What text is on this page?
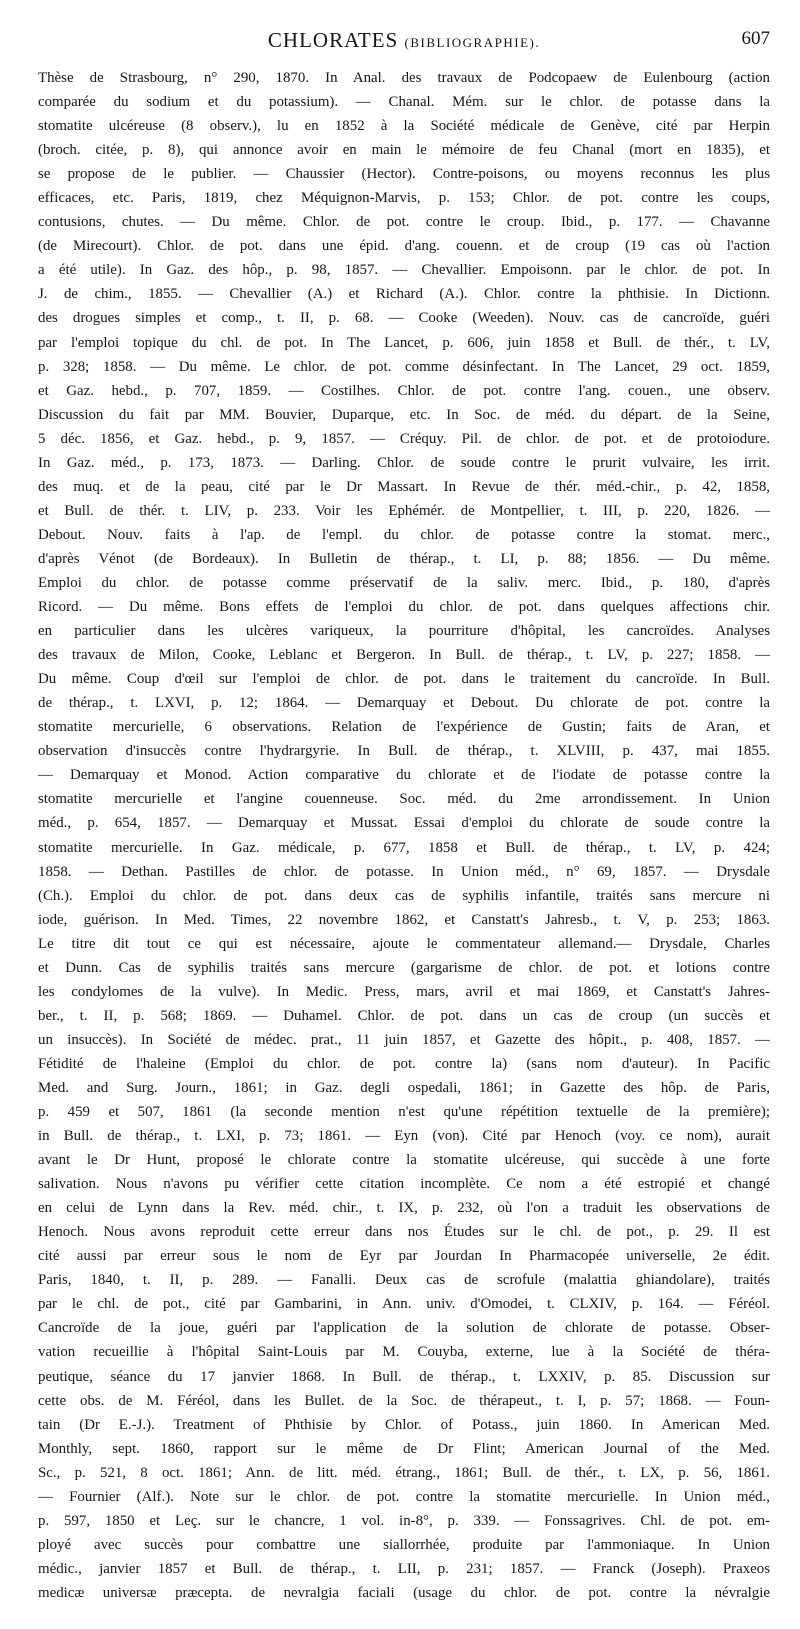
CHLORATES (BIBLIOGRAPHIE).	607
Thèse de Strasbourg, n° 290, 1870. In Anal. des travaux de Podcopaew de Eulenbourg (action
comparée du sodium et du potassium). — Chanal. Mém. sur le chlor. de potasse dans la
stomatite ulcéreuse (8 observ.), lu en 1852 à la Société médicale de Genève, cité par Herpin
(broch. citée, p. 8), qui annonce avoir en main le mémoire de feu Chanal (mort en 1835), et
se propose de le publier. — Chaussier (Hector). Contre-poisons, ou moyens reconnus les plus
efficaces, etc. Paris, 1819, chez Méquignon-Marvis, p. 153; Chlor. de pot. contre les coups,
contusions, chutes. — Du même. Chlor. de pot. contre le croup. Ibid., p. 177. — Chavanne
(de Mirecourt). Chlor. de pot. dans une épid. d'ang. couenn. et de croup (19 cas où l'action
a été utile). In Gaz. des hôp., p. 98, 1857. — Chevallier. Empoisonn. par le chlor. de pot. In
J. de chim., 1855. — Chevallier (A.) et Richard (A.). Chlor. contre la phthisie. In Dictionn.
des drogues simples et comp., t. II, p. 68. — Cooke (Weeden). Nouv. cas de cancroïde, guéri
par l'emploi topique du chl. de pot. In The Lancet, p. 606, juin 1858 et Bull. de thér., t. LV,
p. 328; 1858. — Du même. Le chlor. de pot. comme désinfectant. In The Lancet, 29 oct. 1859,
et Gaz. hebd., p. 707, 1859. — Costilhes. Chlor. de pot. contre l'ang. couen., une observ.
Discussion du fait par MM. Bouvier, Duparque, etc. In Soc. de méd. du départ. de la Seine,
5 déc. 1856, et Gaz. hebd., p. 9, 1857. — Créquy. Pil. de chlor. de pot. et de protoiodure.
In Gaz. méd., p. 173, 1873. — Darling. Chlor. de soude contre le prurit vulvaire, les irrit.
des muq. et de la peau, cité par le Dr Massart. In Revue de thér. méd.-chir., p. 42, 1858,
et Bull. de thér. t. LIV, p. 233. Voir les Ephémér. de Montpellier, t. III, p. 220, 1826. —
Debout. Nouv. faits à l'ap. de l'empl. du chlor. de potasse contre la stomat. merc.,
d'après Vénot (de Bordeaux). In Bulletin de thérap., t. LI, p. 88; 1856. — Du même.
Emploi du chlor. de potasse comme préservatif de la saliv. merc. Ibid., p. 180, d'après
Ricord. — Du même. Bons effets de l'emploi du chlor. de pot. dans quelques affections chir.
en particulier dans les ulcères variqueux, la pourriture d'hôpital, les cancroïdes. Analyses
des travaux de Milon, Cooke, Leblanc et Bergeron. In Bull. de thérap., t. LV, p. 227; 1858. —
Du même. Coup d'œil sur l'emploi de chlor. de pot. dans le traitement du cancroïde. In Bull.
de thérap., t. LXVI, p. 12; 1864. — Demarquay et Debout. Du chlorate de pot. contre la
stomatite mercurielle, 6 observations. Relation de l'expérience de Gustin; faits de Aran, et
observation d'insuccès contre l'hydrargyrie. In Bull. de thérap., t. XLVIII, p. 437, mai 1855.
— Demarquay et Monod. Action comparative du chlorate et de l'iodate de potasse contre la
stomatite mercurielle et l'angine couenneuse. Soc. méd. du 2me arrondissement. In Union
méd., p. 654, 1857. — Demarquay et Mussat. Essai d'emploi du chlorate de soude contre la
stomatite mercurielle. In Gaz. médicale, p. 677, 1858 et Bull. de thérap., t. LV, p. 424;
1858. — Dethan. Pastilles de chlor. de potasse. In Union méd., n° 69, 1857. — Drysdale
(Ch.). Emploi du chlor. de pot. dans deux cas de syphilis infantile, traités sans mercure ni
iode, guérison. In Med. Times, 22 novembre 1862, et Canstatt's Jahresb., t. V, p. 253; 1863.
Le titre dit tout ce qui est nécessaire, ajoute le commentateur allemand.— Drysdale, Charles
et Dunn. Cas de syphilis traités sans mercure (gargarisme de chlor. de pot. et lotions contre
les condylomes de la vulve). In Medic. Press, mars, avril et mai 1869, et Canstatt's Jahres-
ber., t. II, p. 568; 1869. — Duhamel. Chlor. de pot. dans un cas de croup (un succès et
un insuccès). In Société de médec. prat., 11 juin 1857, et Gazette des hôpit., p. 408, 1857. —
Fétidité de l'haleine (Emploi du chlor. de pot. contre la) (sans nom d'auteur). In Pacific
Med. and Surg. Journ., 1861; in Gaz. degli ospedali, 1861; in Gazette des hôp. de Paris,
p. 459 et 507, 1861 (la seconde mention n'est qu'une répétition textuelle de la première);
in Bull. de thérap., t. LXI, p. 73; 1861. — Eyn (von). Cité par Henoch (voy. ce nom), aurait
avant le Dr Hunt, proposé le chlorate contre la stomatite ulcéreuse, qui succède à une forte
salivation. Nous n'avons pu vérifier cette citation incomplète. Ce nom a été estropié et changé
en celui de Lynn dans la Rev. méd. chir., t. IX, p. 232, où l'on a traduit les observations de
Henoch. Nous avons reproduit cette erreur dans nos Études sur le chl. de pot., p. 29. Il est
cité aussi par erreur sous le nom de Eyr par Jourdan In Pharmacopée universelle, 2e édit.
Paris, 1840, t. II, p. 289. — Fanalli. Deux cas de scrofule (malattia ghiandolare), traités
par le chl. de pot., cité par Gambarini, in Ann. univ. d'Omodei, t. CLXIV, p. 164. — Féréol.
Cancroïde de la joue, guéri par l'application de la solution de chlorate de potasse. Obser-
vation recueillie à l'hôpital Saint-Louis par M. Couyba, externe, lue à la Société de théra-
peutique, séance du 17 janvier 1868. In Bull. de thérap., t. LXXIV, p. 85. Discussion sur
cette obs. de M. Féréol, dans les Bullet. de la Soc. de thérapeut., t. I, p. 57; 1868. — Foun-
tain (Dr E.-J.). Treatment of Phthisie by Chlor. of Potass., juin 1860. In American Med.
Monthly, sept. 1860, rapport sur le même de Dr Flint; American Journal of the Med.
Sc., p. 521, 8 oct. 1861; Ann. de litt. méd. étrang., 1861; Bull. de thér., t. LX, p. 56, 1861.
— Fournier (Alf.). Note sur le chlor. de pot. contre la stomatite mercurielle. In Union méd.,
p. 597, 1850 et Leç. sur le chancre, 1 vol. in-8°, p. 339. — Fonssagrives. Chl. de pot. em-
ployé avec succès pour combattre une siallorrhée, produite par l'ammoniaque. In Union
médic., janvier 1857 et Bull. de thérap., t. LII, p. 231; 1857. — Franck (Joseph). Praxeos
medicæ universæ præcepta. de nevralgia faciali (usage du chlor. de pot. contre la névralgie
